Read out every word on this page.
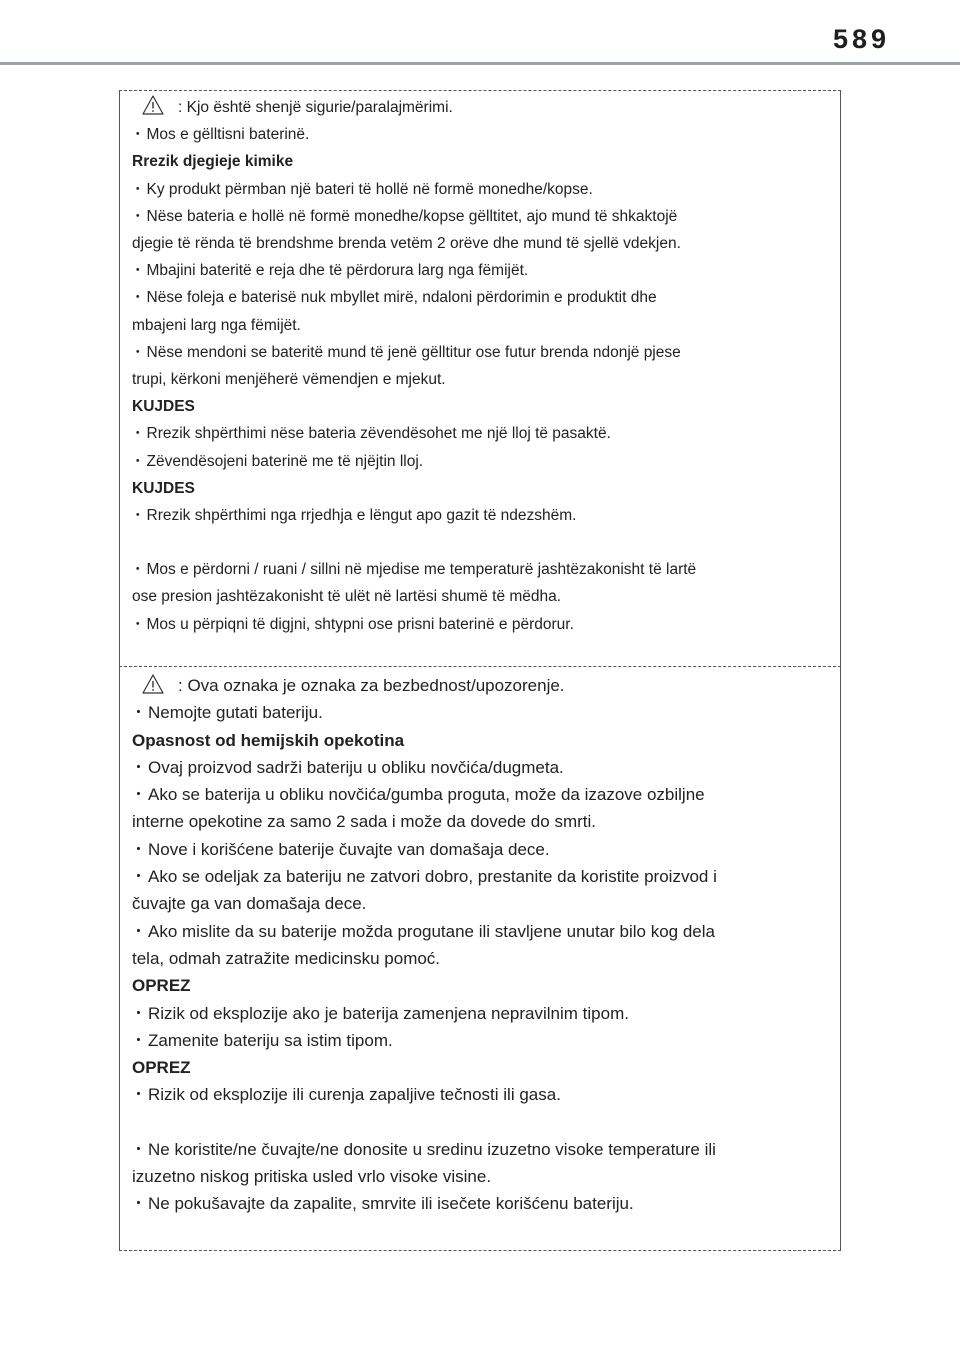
589
: Kjo është shenjë sigurie/paralajmërimi.
・ Mos e gëlltisni baterinë.
Rrezik djegieje kimike
・ Ky produkt përmban një bateri të hollë në formë monedhe/kopse.
・ Nëse bateria e hollë në formë monedhe/kopse gëlltitet, ajo mund të shkaktojë
djegie të rënda të brendshme brenda vetëm 2 orëve dhe mund të sjellë vdekjen.
・ Mbajini bateritë e reja dhe të përdorura larg nga fëmijët.
・ Nëse foleja e baterisë nuk mbyllet mirë, ndaloni përdorimin e produktit dhe
mbajeni larg nga fëmijët.
・ Nëse mendoni se bateritë mund të jenë gëlltitur ose futur brenda ndonjë pjese
trupi, kërkoni menjëherë vëmendjen e mjekut.
KUJDES
・ Rrezik shpërthimi nëse bateria zëvendësohet me një lloj të pasaktë.
・ Zëvendësojeni baterinë me të njëjtin lloj.
KUJDES
・ Rrezik shpërthimi nga rrjedhja e lëngut apo gazit të ndezshëm.
・ Mos e përdorni / ruani / sillni në mjedise me temperaturë jashtëzakonisht të lartë
ose presion jashtëzakonisht të ulët në lartësi shumë të mëdha.
・ Mos u përpiqni të digjni, shtypni ose prisni baterinë e përdorur.
: Ova oznaka je oznaka za bezbednost/upozorenje.
・ Nemojte gutati bateriju.
Opasnost od hemijskih opekotina
・ Ovaj proizvod sadrži bateriju u obliku novčića/dugmeta.
・ Ako se baterija u obliku novčića/gumba proguta, može da izazove ozbiljne
interne opekotine za samo 2 sada i može da dovede do smrti.
・ Nove i korišćene baterije čuvajte van domašaja dece.
・ Ako se odeljak za bateriju ne zatvori dobro, prestanite da koristite proizvod i
čuvajte ga van domašaja dece.
・ Ako mislite da su baterije možda progutane ili stavljene unutar bilo kog dela
tela, odmah zatražite medicinsku pomoć.
OPREZ
・ Rizik od eksplozije ako je baterija zamenjena nepravilnim tipom.
・ Zamenite bateriju sa istim tipom.
OPREZ
・ Rizik od eksplozije ili curenja zapaljive tečnosti ili gasa.
・ Ne koristite/ne čuvajte/ne donosite u sredinu izuzetno visoke temperature ili
izuzetno niskog pritiska usled vrlo visoke visine.
・ Ne pokušavajte da zapalite, smrvite ili isečete korišćenu bateriju.
